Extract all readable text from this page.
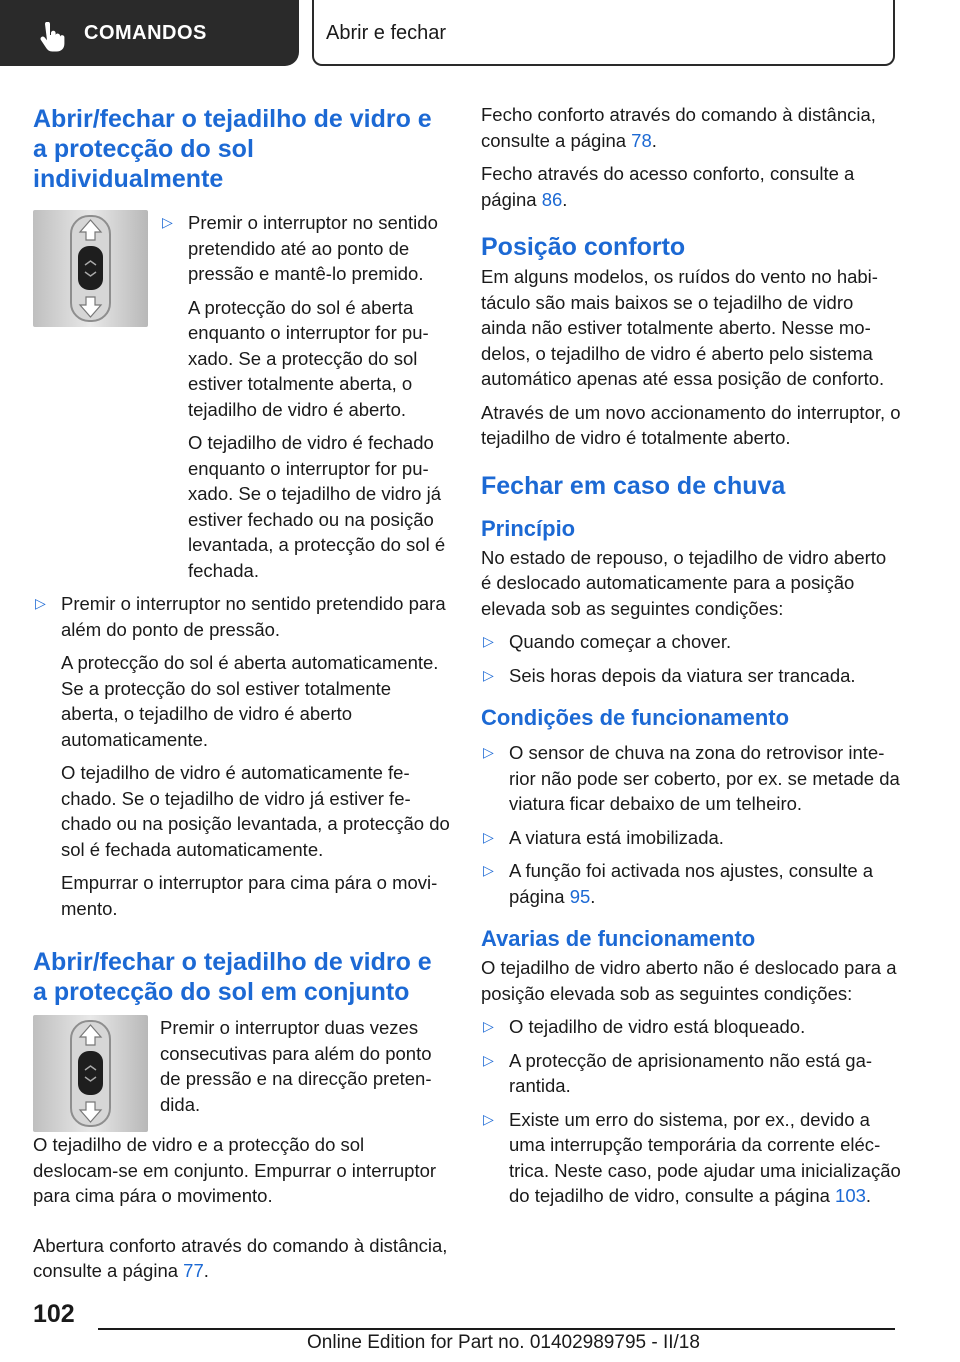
COMANDOS	Abrir e fechar
Abrir/fechar o tejadilho de vidro e a protecção do sol individualmente
▷ Premir o interruptor no sentido pretendido até ao ponto de pressão e mantê-lo premido.

A protecção do sol é aberta enquanto o interruptor for puxado. Se a protecção do sol estiver totalmente aberta, o tejadilho de vidro é aberto.

O tejadilho de vidro é fechado enquanto o interruptor for puxado. Se o tejadilho de vidro já estiver fechado ou na posição levantada, a protecção do sol é fechada.

▷ Premir o interruptor no sentido pretendido para além do ponto de pressão.

A protecção do sol é aberta automaticamente. Se a protecção do sol estiver totalmente aberta, o tejadilho de vidro é aberto automaticamente.

O tejadilho de vidro é automaticamente fechado. Se o tejadilho de vidro já estiver fechado ou na posição levantada, a protecção do sol é fechada automaticamente.

Empurrar o interruptor para cima pára o movimento.

Abrir/fechar o tejadilho de vidro e a protecção do sol em conjunto

Premir o interruptor duas vezes consecutivas para além do ponto de pressão e na direcção pretendida.

O tejadilho de vidro e a protecção do sol deslocam-se em conjunto. Empurrar o interruptor para cima pára o movimento.

Abertura conforto através do comando à distância, consulte a página 77.

Fecho conforto através do comando à distância, consulte a página 78.

Fecho através do acesso conforto, consulte a página 86.

Posição conforto

Em alguns modelos, os ruídos do vento no habitáculo são mais baixos se o tejadilho de vidro ainda não estiver totalmente aberto. Nesse modelos, o tejadilho de vidro é aberto pelo sistema automático apenas até essa posição de conforto.

Através de um novo accionamento do interruptor, o tejadilho de vidro é totalmente aberto.

Fechar em caso de chuva
Princípio

No estado de repouso, o tejadilho de vidro aberto é deslocado automaticamente para a posição elevada sob as seguintes condições:

▷ Quando começar a chover.

▷ Seis horas depois da viatura ser trancada.

Condições de funcionamento
▷ O sensor de chuva na zona do retrovisor interior não pode ser coberto, por ex. se metade da viatura ficar debaixo de um telheiro.

▷ A viatura está imobilizada.

▷ A função foi activada nos ajustes, consulte a página 95.

Avarias de funcionamento

O tejadilho de vidro aberto não é deslocado para a posição elevada sob as seguintes condições:

▷ O tejadilho de vidro está bloqueado.

▷ A protecção de aprisionamento não está garantida.

▷ Existe um erro do sistema, por ex., devido a uma interrupção temporária da corrente eléctrica. Neste caso, pode ajudar uma inicialização do tejadilho de vidro, consulte a página 103.

102
Online Edition for Part no. 01402989795 - II/18
